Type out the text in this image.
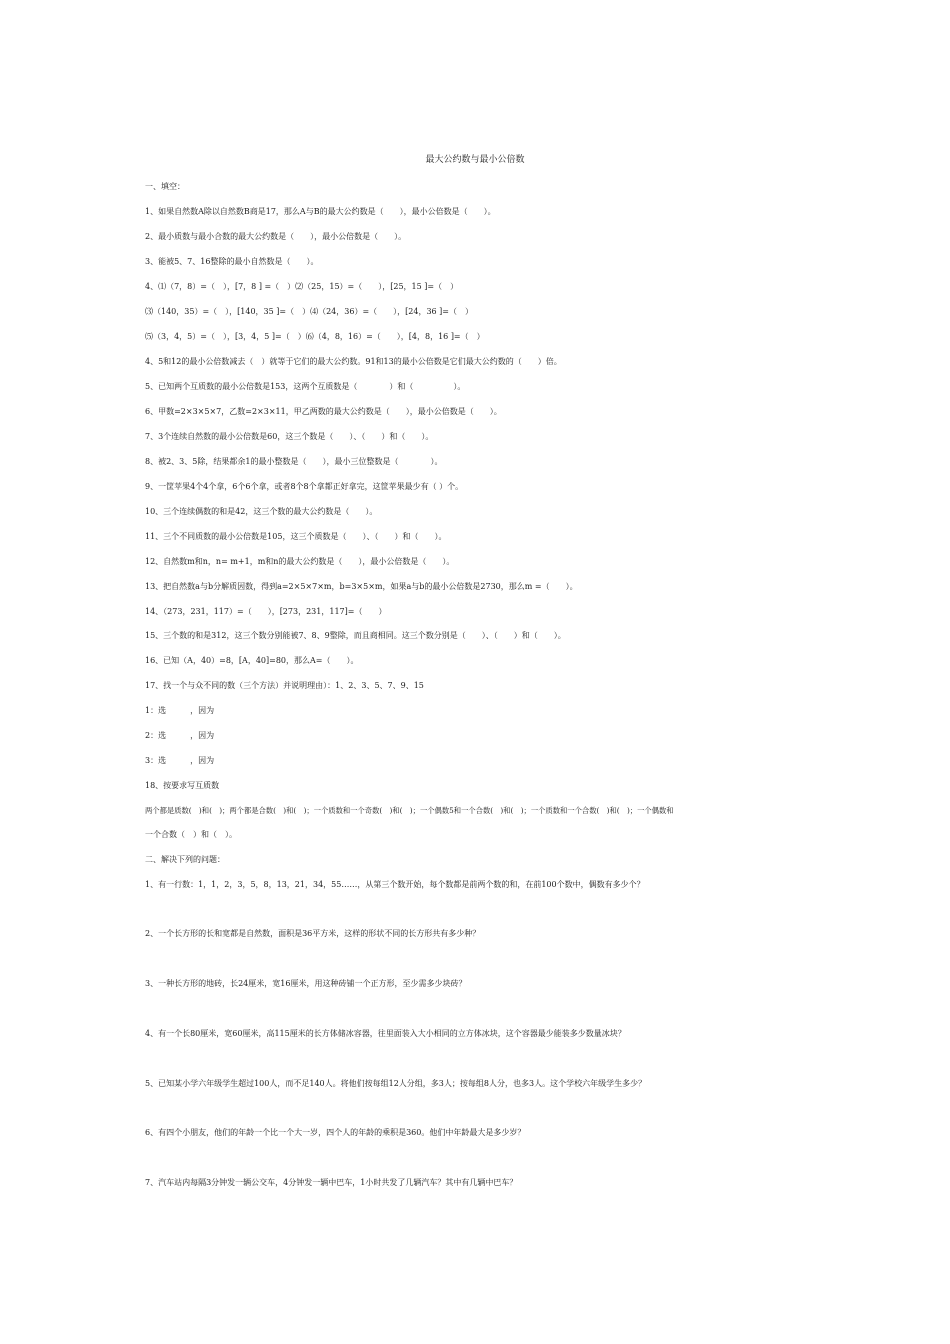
最大公约数与最小公倍数
一、填空：
1、如果自然数A除以自然数B商是17，那么A与B的最大公约数是（　　），最小公倍数是（　　）。
2、最小质数与最小合数的最大公约数是（　　），最小公倍数是（　　）。
3、能被5、7、16整除的最小自然数是（　　）。
4、⑴（7，8）=（　），[7，8 ] =（　）⑵（25，15）=（　　），[25，15 ]=（　）
⑶（140，35）=（　），[140，35 ]=（　）⑷（24，36）=（　　），[24，36 ]=（　）
⑸（3，4，5）=（　），[3，4，5 ]=（　）⑹（4，8，16）=（　　），[4，8，16 ]=（　）
4、5和12的最小公倍数减去（　）就等于它们的最大公约数。91和13的最小公倍数是它们最大公约数的（　　）倍。
5、已知两个互质数的最小公倍数是153，这两个互质数是（　　　　）和（　　　　　）。
6、甲数=2×3×5×7，乙数=2×3×11，甲乙两数的最大公约数是（　　），最小公倍数是（　　）。
7、3个连续自然数的最小公倍数是60，这三个数是（　　）、（　　）和（　　）。
8、被2、3、5除，结果都余1的最小整数是（　　），最小三位整数是（　　　　）。
9、一筐苹果4个4个拿，6个6个拿，或者8个8个拿都正好拿完，这筐苹果最少有（ ）个。
10、三个连续偶数的和是42，这三个数的最大公约数是（　　）。
11、三个不同质数的最小公倍数是105，这三个质数是（　　）、（　　）和（　　）。
12、自然数m和n，n= m+1，m和n的最大公约数是（　　），最小公倍数是（　　）。
13、把自然数a与b分解质因数，得到a=2×5×7×m，b=3×5×m，如果a与b的最小公倍数是2730，那么m =（　　）。
14、（273，231，117）=（　　），[273，231，117]=（　　）
15、三个数的和是312，这三个数分别能被7、8、9整除，而且商相同。这三个数分别是（　　）、（　　）和（　　）。
16、已知（A，40）=8，[A，40]=80，那么A=（　　）。
17、找一个与众不同的数（三个方法）并说明理由）：1、2、3、5、7、9、15
1：选　　　，因为
2：选　　　，因为
3：选　　　，因为
18、按要求写互质数
两个都是质数(　)和(　)；两个都是合数(　)和(　)；一个质数和一个奇数(　)和(　)；一个偶数5和一个合数(　)和(　)；一个质数和一个合数(　)和(　)；一个偶数和
一个合数（　）和（　）。
二、解决下列的问题：
1、有一行数：1，1，2，3，5，8，13，21，34，55……，从第三个数开始，每个数都是前两个数的和，在前100个数中，偶数有多少个？
2、一个长方形的长和宽都是自然数，面积是36平方米，这样的形状不同的长方形共有多少种？
3、一种长方形的地砖，长24厘米，宽16厘米，用这种砖铺一个正方形，至少需多少块砖？
4、有一个长80厘米，宽60厘米，高115厘米的长方体储冰容器，往里面装入大小相同的立方体冰块，这个容器最少能装多少数量冰块？
5、已知某小学六年级学生超过100人，而不足140人。将他们按每组12人分组，多3人；按每组8人分，也多3人。这个学校六年级学生多少？
6、有四个小朋友，他们的年龄一个比一个大一岁，四个人的年龄的乘积是360。他们中年龄最大是多少岁？
7、汽车站内每隔3分钟发一辆公交车，4分钟发一辆中巴车，1小时共发了几辆汽车？其中有几辆中巴车？
